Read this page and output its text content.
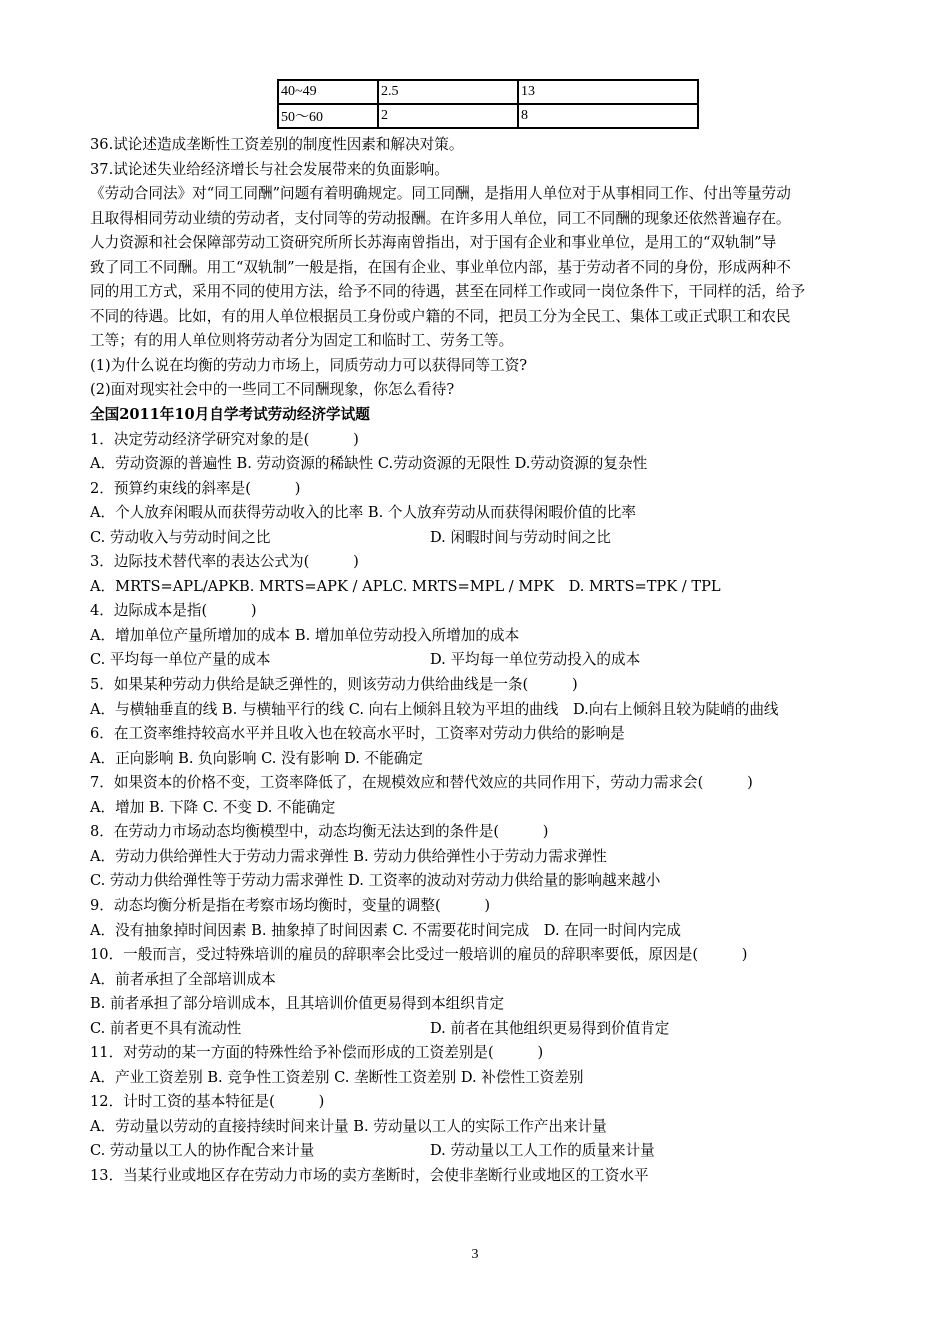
40~49	2.5	13
50～60	2	8
36.试论述造成垄断性工资差别的制度性因素和解决对策。
37.试论述失业给经济增长与社会发展带来的负面影响。
《劳动合同法》对“同工同酬”问题有着明确规定。同工同酬，是指用人单位对于从事相同工作、付出等量劳动
且取得相同劳动业绩的劳动者，支付同等的劳动报酬。在许多用人单位，同工不同酬的现象还依然普遍存在。
人力资源和社会保障部劳动工资研究所所长苏海南曾指出，对于国有企业和事业单位，是用工的“双轨制”导
致了同工不同酬。用工“双轨制”一般是指，在国有企业、事业单位内部，基于劳动者不同的身份，形成两种不
同的用工方式，采用不同的使用方法，给予不同的待遇，甚至在同样工作或同一岗位条件下，干同样的活，给予
不同的待遇。比如，有的用人单位根据员工身份或户籍的不同，把员工分为全民工、集体工或正式职工和农民
工等；有的用人单位则将劳动者分为固定工和临时工、劳务工等。
(1)为什么说在均衡的劳动力市场上，同质劳动力可以获得同等工资?
(2)面对现实社会中的一些同工不同酬现象，你怎么看待?
全国2011年10月自学考试劳动经济学试题
1．决定劳动经济学研究对象的是(　　　)
A．劳动资源的普遍性 B. 劳动资源的稀缺性 C.劳动资源的无限性 D.劳动资源的复杂性
2．预算约束线的斜率是(　　　)
A．个人放弃闲暇从而获得劳动收入的比率 B. 个人放弃劳动从而获得闲暇价值的比率
C. 劳动收入与劳动时间之比	D. 闲暇时间与劳动时间之比
3．边际技术替代率的表达公式为(　　　)
A．MRTS=APL/APKB. MRTS=APK / APLC. MRTS=MPL / MPK　D. MRTS=TPK / TPL
4．边际成本是指(　　　)
A．增加单位产量所增加的成本 B. 增加单位劳动投入所增加的成本
C. 平均每一单位产量的成本	D. 平均每一单位劳动投入的成本
5．如果某种劳动力供给是缺乏弹性的，则该劳动力供给曲线是一条(　　　)
A．与横轴垂直的线 B. 与横轴平行的线 C. 向右上倾斜且较为平坦的曲线　D.向右上倾斜且较为陡峭的曲线
6．在工资率维持较高水平并且收入也在较高水平时，工资率对劳动力供给的影响是
A．正向影响 B. 负向影响 C. 没有影响 D. 不能确定
7．如果资本的价格不变，工资率降低了，在规模效应和替代效应的共同作用下，劳动力需求会(　　　)
A．增加 B. 下降 C. 不变 D. 不能确定
8．在劳动力市场动态均衡模型中，动态均衡无法达到的条件是(　　　)
A．劳动力供给弹性大于劳动力需求弹性 B. 劳动力供给弹性小于劳动力需求弹性
C. 劳动力供给弹性等于劳动力需求弹性 D. 工资率的波动对劳动力供给量的影响越来越小
9．动态均衡分析是指在考察市场均衡时，变量的调整(　　　)
A．没有抽象掉时间因素 B. 抽象掉了时间因素 C. 不需要花时间完成　D. 在同一时间内完成
10．一般而言，受过特殊培训的雇员的辞职率会比受过一般培训的雇员的辞职率要低，原因是(　　　)
A．前者承担了全部培训成本
B. 前者承担了部分培训成本，且其培训价值更易得到本组织肯定
C. 前者更不具有流动性	D. 前者在其他组织更易得到价值肯定
11．对劳动的某一方面的特殊性给予补偿而形成的工资差别是(　　　)
A．产业工资差别 B. 竞争性工资差别 C. 垄断性工资差别 D. 补偿性工资差别
12．计时工资的基本特征是(　　　)
A．劳动量以劳动的直接持续时间来计量 B. 劳动量以工人的实际工作产出来计量
C. 劳动量以工人的协作配合来计量	D. 劳动量以工人工作的质量来计量
13．当某行业或地区存在劳动力市场的卖方垄断时，会使非垄断行业或地区的工资水平
3
